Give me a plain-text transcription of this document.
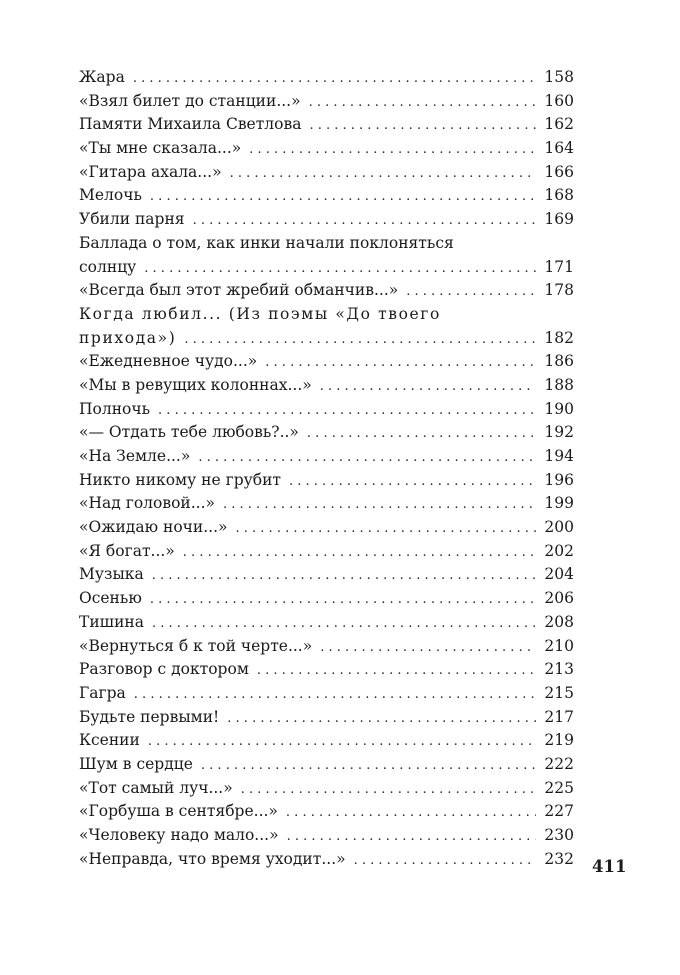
Жара . . .	158
«Взял билет до станции...» . . .	160
Памяти Михаила Светлова . . .	162
«Ты мне сказала...» . . .	164
«Гитара ахала...» . . .	166
Мелочь . . .	168
Убили парня . . .	169
Баллада о том, как инки начали поклоняться
солнцу . . .	171
«Всегда был этот жребий обманчив...» . . .	178
Когда любил... (Из поэмы «До твоего
прихода») . . .	182
«Ежедневное чудо...» . . .	186
«Мы в ревущих колоннах...» . . .	188
Полночь . . .	190
«— Отдать тебе любовь?..» . . .	192
«На Земле...» . . .	194
Никто никому не грубит . . .	196
«Над головой...» . . .	199
«Ожидаю ночи...» . . .	200
«Я богат...» . . .	202
Музыка . . .	204
Осенью . . .	206
Тишина . . .	208
«Вернуться б к той черте...» . . .	210
Разговор с доктором . . .	213
Гагра . . .	215
Будьте первыми! . . .	217
Ксении . . .	219
Шум в сердце . . .	222
«Тот самый луч...» . . .	225
«Горбуша в сентябре...» . . .	227
«Человеку надо мало...» . . .	230
«Неправда, что время уходит...» . . .	232 411
